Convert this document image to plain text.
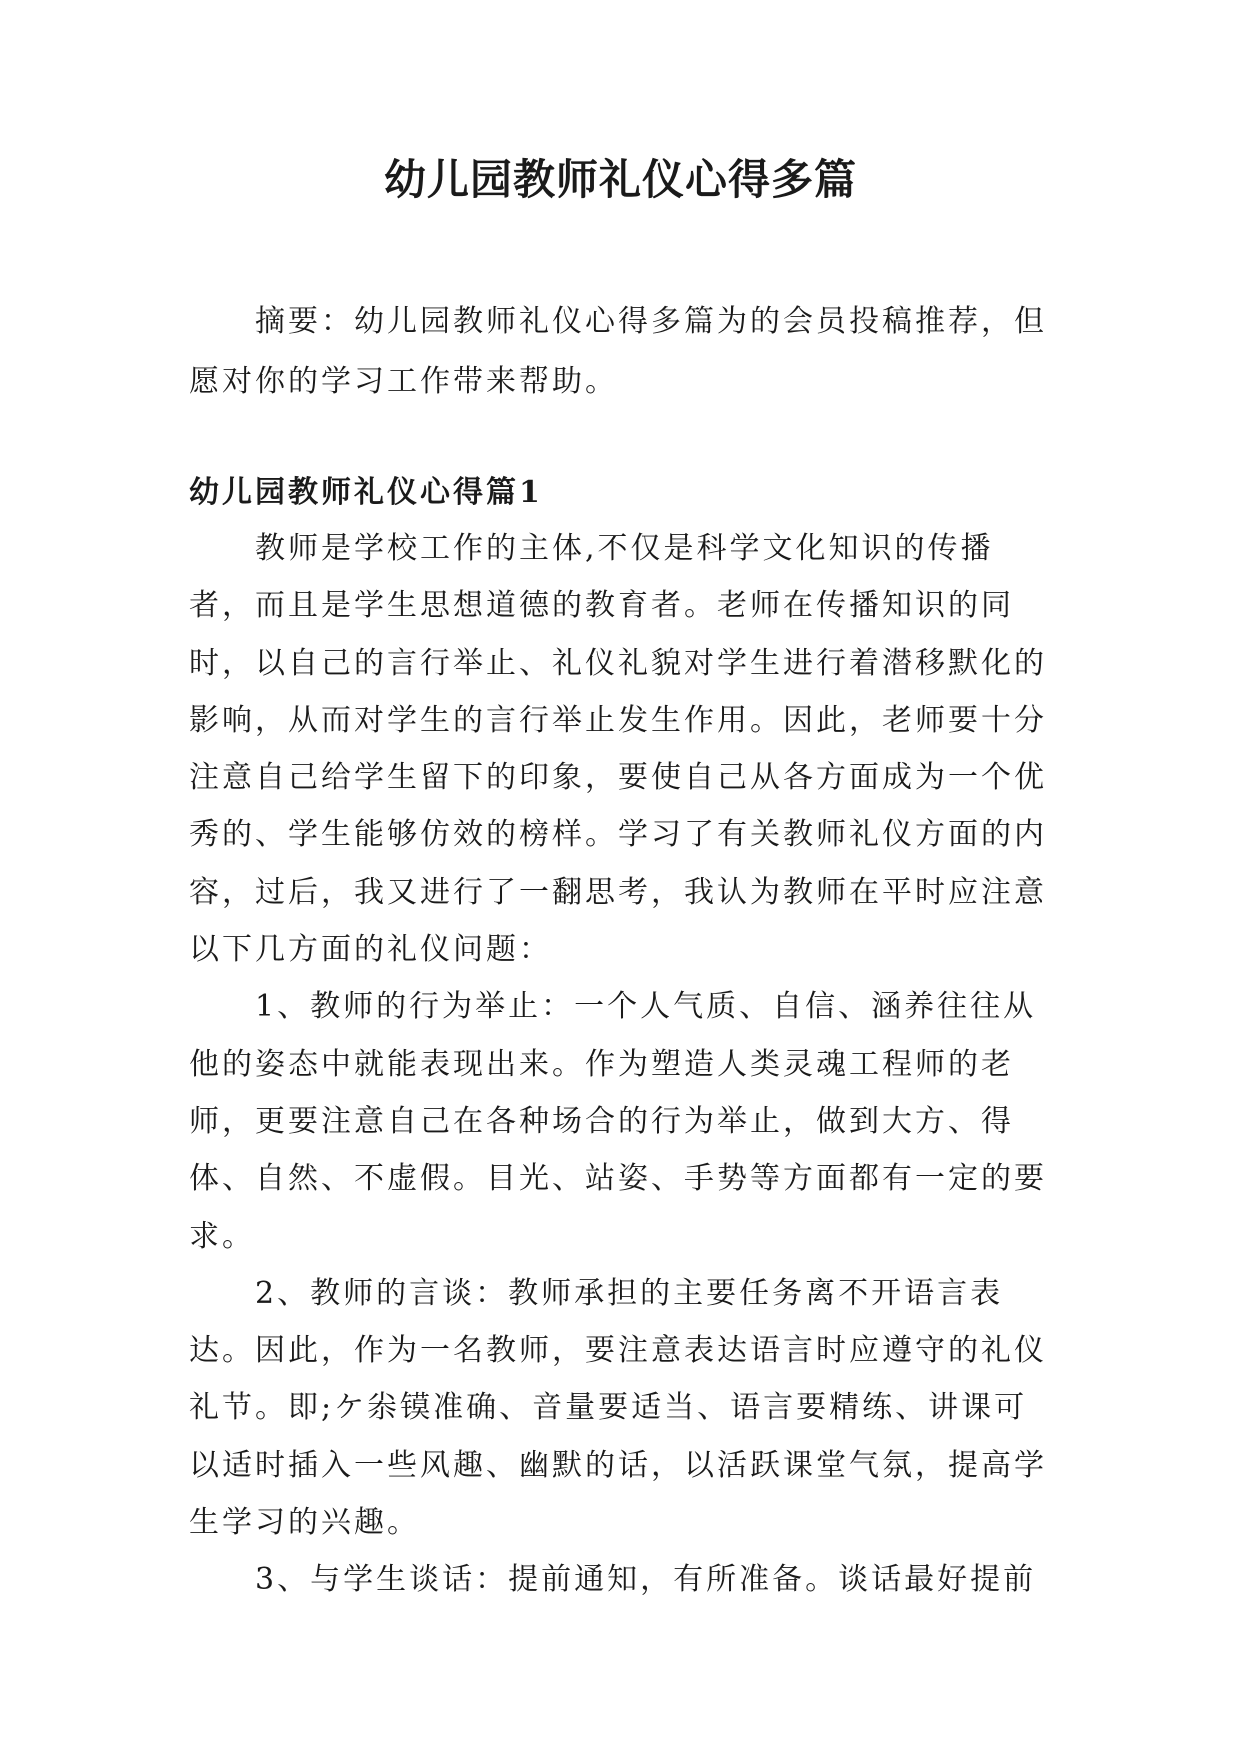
幼儿园教师礼仪心得多篇

摘要：幼儿园教师礼仪心得多篇为的会员投稿推荐，但愿对你的学习工作带来帮助。

幼儿园教师礼仪心得篇1

教师是学校工作的主体,不仅是科学文化知识的传播者，而且是学生思想道德的教育者。老师在传播知识的同时，以自己的言行举止、礼仪礼貌对学生进行着潜移默化的影响，从而对学生的言行举止发生作用。因此，老师要十分注意自己给学生留下的印象，要使自己从各方面成为一个优秀的、学生能够仿效的榜样。学习了有关教师礼仪方面的内容，过后，我又进行了一翻思考，我认为教师在平时应注意以下几方面的礼仪问题：

1、教师的行为举止：一个人气质、自信、涵养往往从他的姿态中就能表现出来。作为塑造人类灵魂工程师的老师，更要注意自己在各种场合的行为举止，做到大方、得体、自然、不虚假。目光、站姿、手势等方面都有一定的要求。

2、教师的言谈：教师承担的主要任务离不开语言表达。因此，作为一名教师，要注意表达语言时应遵守的礼仪礼节。即;ケ尜镆准确、音量要适当、语言要精练、讲课可以适时插入一些风趣、幽默的话，以活跃课堂气氛，提高学生学习的兴趣。

3、与学生谈话：提前通知，有所准备。谈话最好提前
